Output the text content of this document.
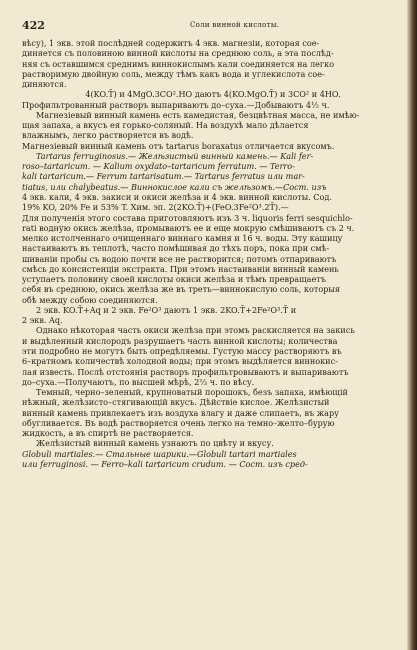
422	Соли винной кислоты.
вѣсу), 1 экв. этой послѣдней содержитъ 4 экв. магнезіи, которая сое-
диняется съ половиною винной кислоты на среднюю соль, а эта послѣд-
няя съ оставшимся среднимъ виннокислымъ кали соединяется на легко
растворимую двойную соль, между тѣмъ какъ вода и углекислота сое-
диняются.
4(KO.T̄) и 4MgO.3CO².HO даютъ 4(KO.MgO.T̄) и 3CO² и 4HO.
Профильтрованный растворъ выпариваютъ до–суха.—Добываютъ 4½ ч.
Магнезіевый винный камень есть камедистая, безцвѣтная масса, не имѣю-
щая запаха, а вкусъ ея горько-соляный. На воздухѣ мало дѣлается
влажнымъ, легко растворяется въ водѣ.
Магнезіевый винный камень отъ tartarus boraxatus отличается вкусомъ.
Tartarus ferruginosus.— Желѣзистый винный камень.— Kali fer-
roso–tartaricum. — Kalium oxydato–tartaricum ferratum. — Terro-
kali tartaricum.— Ferrum tartarisatum.— Tartarus ferratus или mar-
tiatus, или chalybeatus.— Виннокислое кали съ желѣзомъ.—Сост. изъ
4 экв. кали, 4 экв. закиси и окиси желѣза и 4 экв. винной кислоты. Сод.
19% KO, 20% Fe и 53% T. Хим. эп. 2(2KO.T̄)+(FeO.3Fe²O³.2T̄).—
Для полученія этого состава приготовляютъ изъ 3 ч. liquoris ferri sesquichlo-
rati водную окись желѣза, промываютъ ее и еще мокрую смѣшиваютъ съ 2 ч.
мелко истолченнаго очищеннаго виннаго камня и 16 ч. воды. Эту кашицу
настаиваютъ въ теплотѣ, часто помѣшивая до тѣхъ поръ, пока при смѣ-
шиваніи пробы съ водою почти все не растворится; потомъ отпариваютъ
смѣсь до консистенціи экстракта. При этомъ настаиваніи винный камень
уступаетъ половину своей кислоты окиси желѣза и тѣмъ превращаетъ
себя въ среднюю, окись желѣза же въ треть—виннокислую соль, которыя
обѣ между собою соединяются.
2 экв. KO.T̄+Aq и 2 экв. Fe²O³ даютъ 1 экв. 2KO.T̄+2Fe²O³.T̄ и
2 экв. Aq.
Однако нѣкоторая часть окиси желѣза при этомъ раскисляется на закись
и выдѣленный кислородъ разрушаетъ часть винной кислоты; количества
эти подробно не могутъ быть опредѣляемы. Густую массу растворяютъ въ
6–кратномъ количествѣ холодной воды; при этомъ выдѣляется виннокис-
лая известь. Послѣ отстоянія растворъ профильтровываютъ и выпариваютъ
до–суха.—Получаютъ, по высшей мѣрѣ, 2⅔ ч. по вѣсу.
Темный, черно–зеленый, крупноватый порошокъ, безъ запаха, имѣющій
нѣжный, желѣзисто–стягивающій вкусъ. Дѣйствіе кислое. Желѣзистый
винный камень привлекаетъ изъ воздуха влагу и даже слипаетъ, въ жару
обугливается. Въ водѣ растворяется очень легко на темно–желто–бурую
жидкость, а въ спиртѣ не растворяется.
Желѣзистый винный камень узнаютъ по цвѣту и вкусу.
Globuli martiales.— Стальные шарики.—Globuli tartari martiales
или ferruginosi. — Ferro–kali tartaricum crudum. — Сост. изъ сред-
